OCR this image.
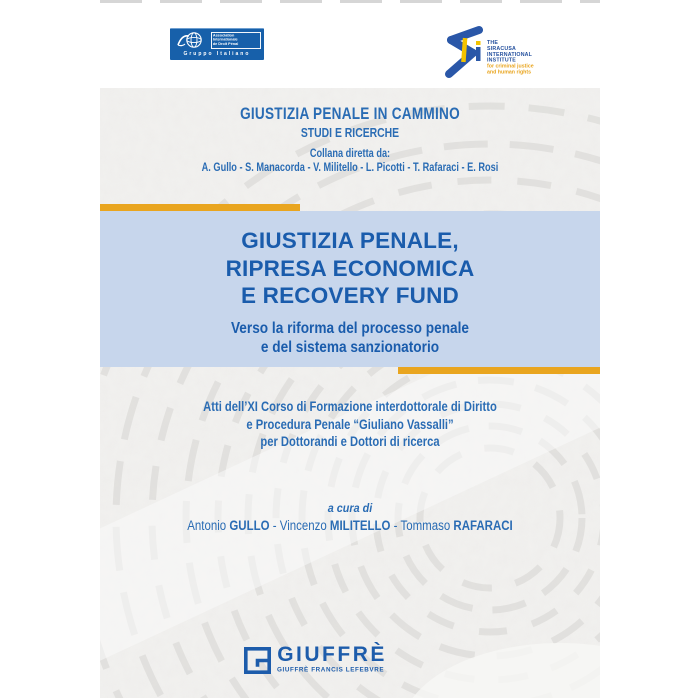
Association
Internationale
de Droit Pénal
Gruppo Italiano
THE
SIRACUSA
INTERNATIONAL
INSTITUTE
for criminal justice
and human rights
GIUSTIZIA PENALE IN CAMMINO
STUDI E RICERCHE
Collana diretta da:
A. Gullo - S. Manacorda - V. Militello - L. Picotti - T. Rafaraci - E. Rosi
GIUSTIZIA PENALE,
RIPRESA ECONOMICA
E RECOVERY FUND
Verso la riforma del processo penale
e del sistema sanzionatorio
Atti dell’XI Corso di Formazione interdottorale di Diritto
e Procedura Penale “Giuliano Vassalli”
per Dottorandi e Dottori di ricerca
a cura di
Antonio GULLO - Vincenzo MILITELLO - Tommaso RAFARACI
GIUFFRÈ
GIUFFRÈ FRANCIS LEFEBVRE
